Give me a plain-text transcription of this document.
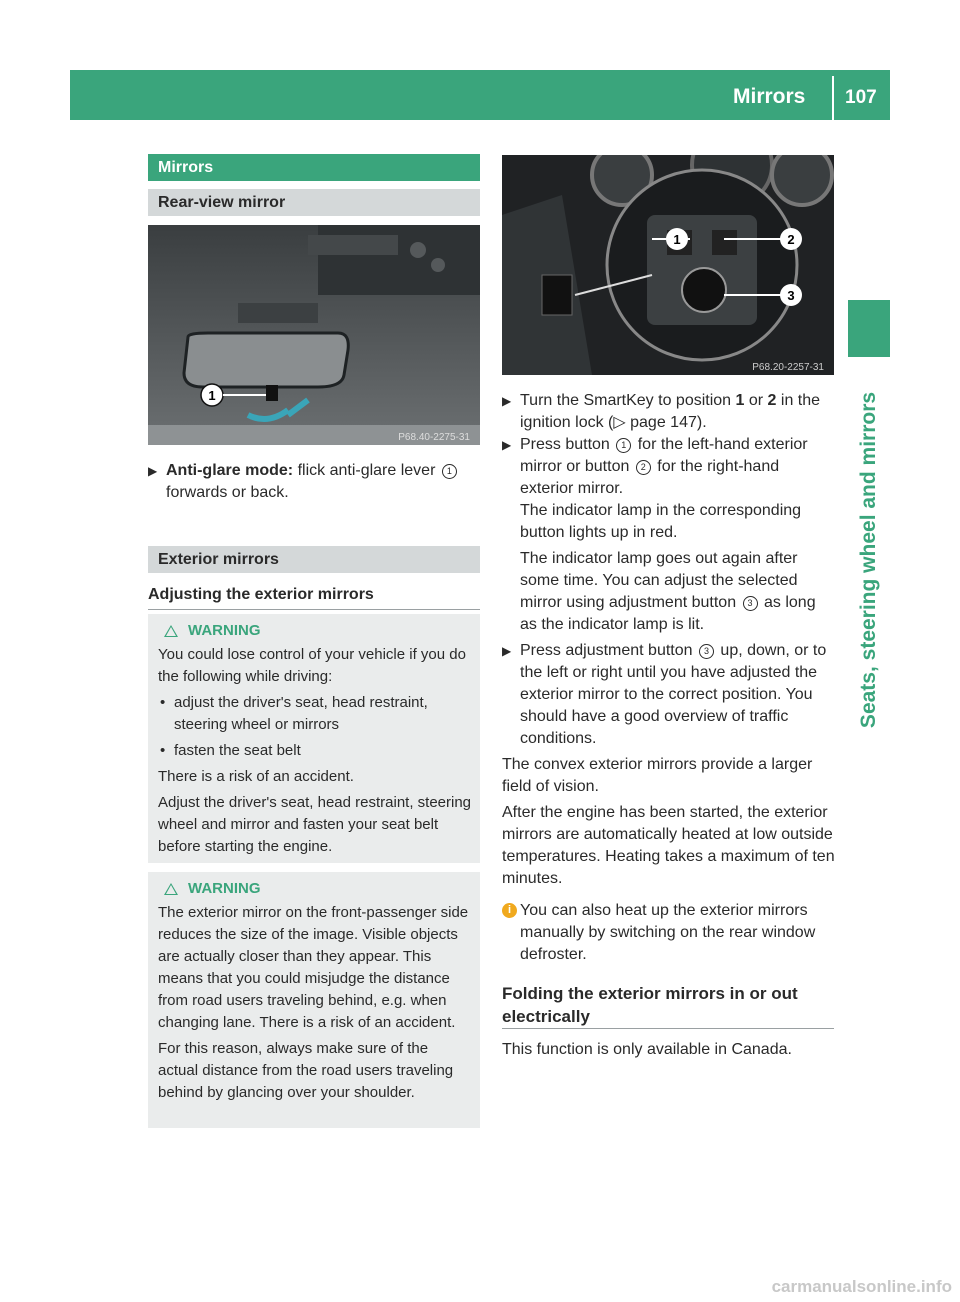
Mirrors 107
Seats, steering wheel and mirrors
Mirrors
Rear-view mirror
1
P68.40-2275-31
▶ Anti-glare mode: flick anti-glare lever 1 forwards or back.
Exterior mirrors
Adjusting the exterior mirrors
WARNING

You could lose control of your vehicle if you do the following while driving:

• adjust the driver's seat, head restraint, steering wheel or mirrors
• fasten the seat belt

There is a risk of an accident.

Adjust the driver's seat, head restraint, steering wheel and mirror and fasten your seat belt before starting the engine.

WARNING

The exterior mirror on the front-passenger side reduces the size of the image. Visible objects are actually closer than they appear. This means that you could misjudge the distance from road users traveling behind, e.g. when changing lane. There is a risk of an accident.

For this reason, always make sure of the actual distance from the road users traveling behind by glancing over your shoulder.

1	2
3
P68.20-2257-31
▶ Turn the SmartKey to position 1 or 2 in the ignition lock (▷ page 147).
▶ Press button 1 for the left-hand exterior mirror or button 2 for the right-hand exterior mirror.
The indicator lamp in the corresponding button lights up in red.
The indicator lamp goes out again after some time. You can adjust the selected mirror using adjustment button 3 as long as the indicator lamp is lit.
▶ Press adjustment button 3 up, down, or to the left or right until you have adjusted the exterior mirror to the correct position. You should have a good overview of traffic conditions.
The convex exterior mirrors provide a larger field of vision.
After the engine has been started, the exterior mirrors are automatically heated at low outside temperatures. Heating takes a maximum of ten minutes.
i You can also heat up the exterior mirrors manually by switching on the rear window defroster.
Folding the exterior mirrors in or out electrically
This function is only available in Canada.
carmanualsonline.info
